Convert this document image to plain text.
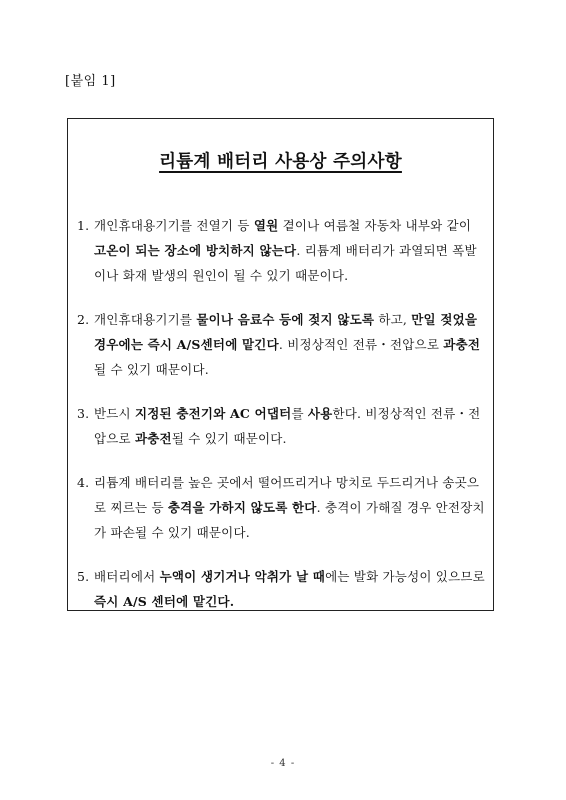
[붙임 1]
리튬계 배터리 사용상 주의사항
1. 개인휴대용기기를 전열기 등 열원 곁이나 여름철 자동차 내부와 같이 고온이 되는 장소에 방치하지 않는다. 리튬계 배터리가 과열되면 폭발이나 화재 발생의 원인이 될 수 있기 때문이다.
2. 개인휴대용기기를 물이나 음료수 등에 젖지 않도록 하고, 만일 젖었을 경우에는 즉시 A/S센터에 맡긴다. 비정상적인 전류・전압으로 과충전될 수 있기 때문이다.
3. 반드시 지정된 충전기와 AC 어댑터를 사용한다. 비정상적인 전류・전압으로 과충전될 수 있기 때문이다.
4. 리튬계 배터리를 높은 곳에서 떨어뜨리거나 망치로 두드리거나 송곳으로 찌르는 등 충격을 가하지 않도록 한다. 충격이 가해질 경우 안전장치가 파손될 수 있기 때문이다.
5. 배터리에서 누액이 생기거나 악취가 날 때에는 발화 가능성이 있으므로 즉시 A/S 센터에 맡긴다.
- 4 -
